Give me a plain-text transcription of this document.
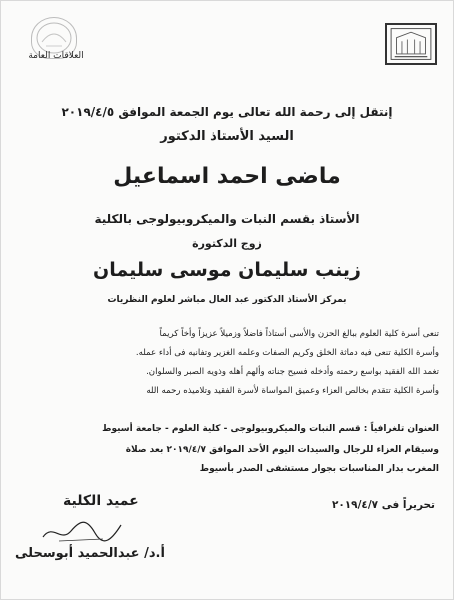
العلاقات العامة
إنتقل إلى رحمة الله تعالى يوم الجمعة الموافق ٢٠١٩/٤/٥
السيد الأستاذ الدكتور
ماضى احمد اسماعيل
الأستاذ بقسم النبات والميكروبيولوجى بالكلية
زوج الدكتورة
زينب سليمان موسى سليمان
بمركز الأستاذ الدكتور عبد العال مباشر لعلوم النظريات
تنعى أسرة كلية العلوم ببالغ الحزن والأسى أستاذاً فاضلاً وزميلاً عزيزاً وأخاً كريماً
وأسرة الكلية تنعى فيه دماثة الخلق وكريم الصفات وعلمه الغزير وتفانيه فى أداء عمله.
تغمد الله الفقيد بواسع رحمته وأدخله فسيح جناته وألهم أهله وذويه الصبر والسلوان.
وأسرة الكلية تتقدم بخالص العزاء وعميق المواساة لأسرة الفقيد وتلاميذه رحمه الله
العنوان تلغرافياً : قسم النبات والميكروبيولوجى - كلية العلوم - جامعة أسيوط
وسيقام العزاء للرجال والسيدات اليوم الأحد الموافق ٢٠١٩/٤/٧ بعد صلاة
المغرب بدار المناسبات بجوار مستشفى الصدر بأسيوط
تحريراً فى ٢٠١٩/٤/٧
عميد الكلية
أ.د/ عبدالحميد أبوسحلى
